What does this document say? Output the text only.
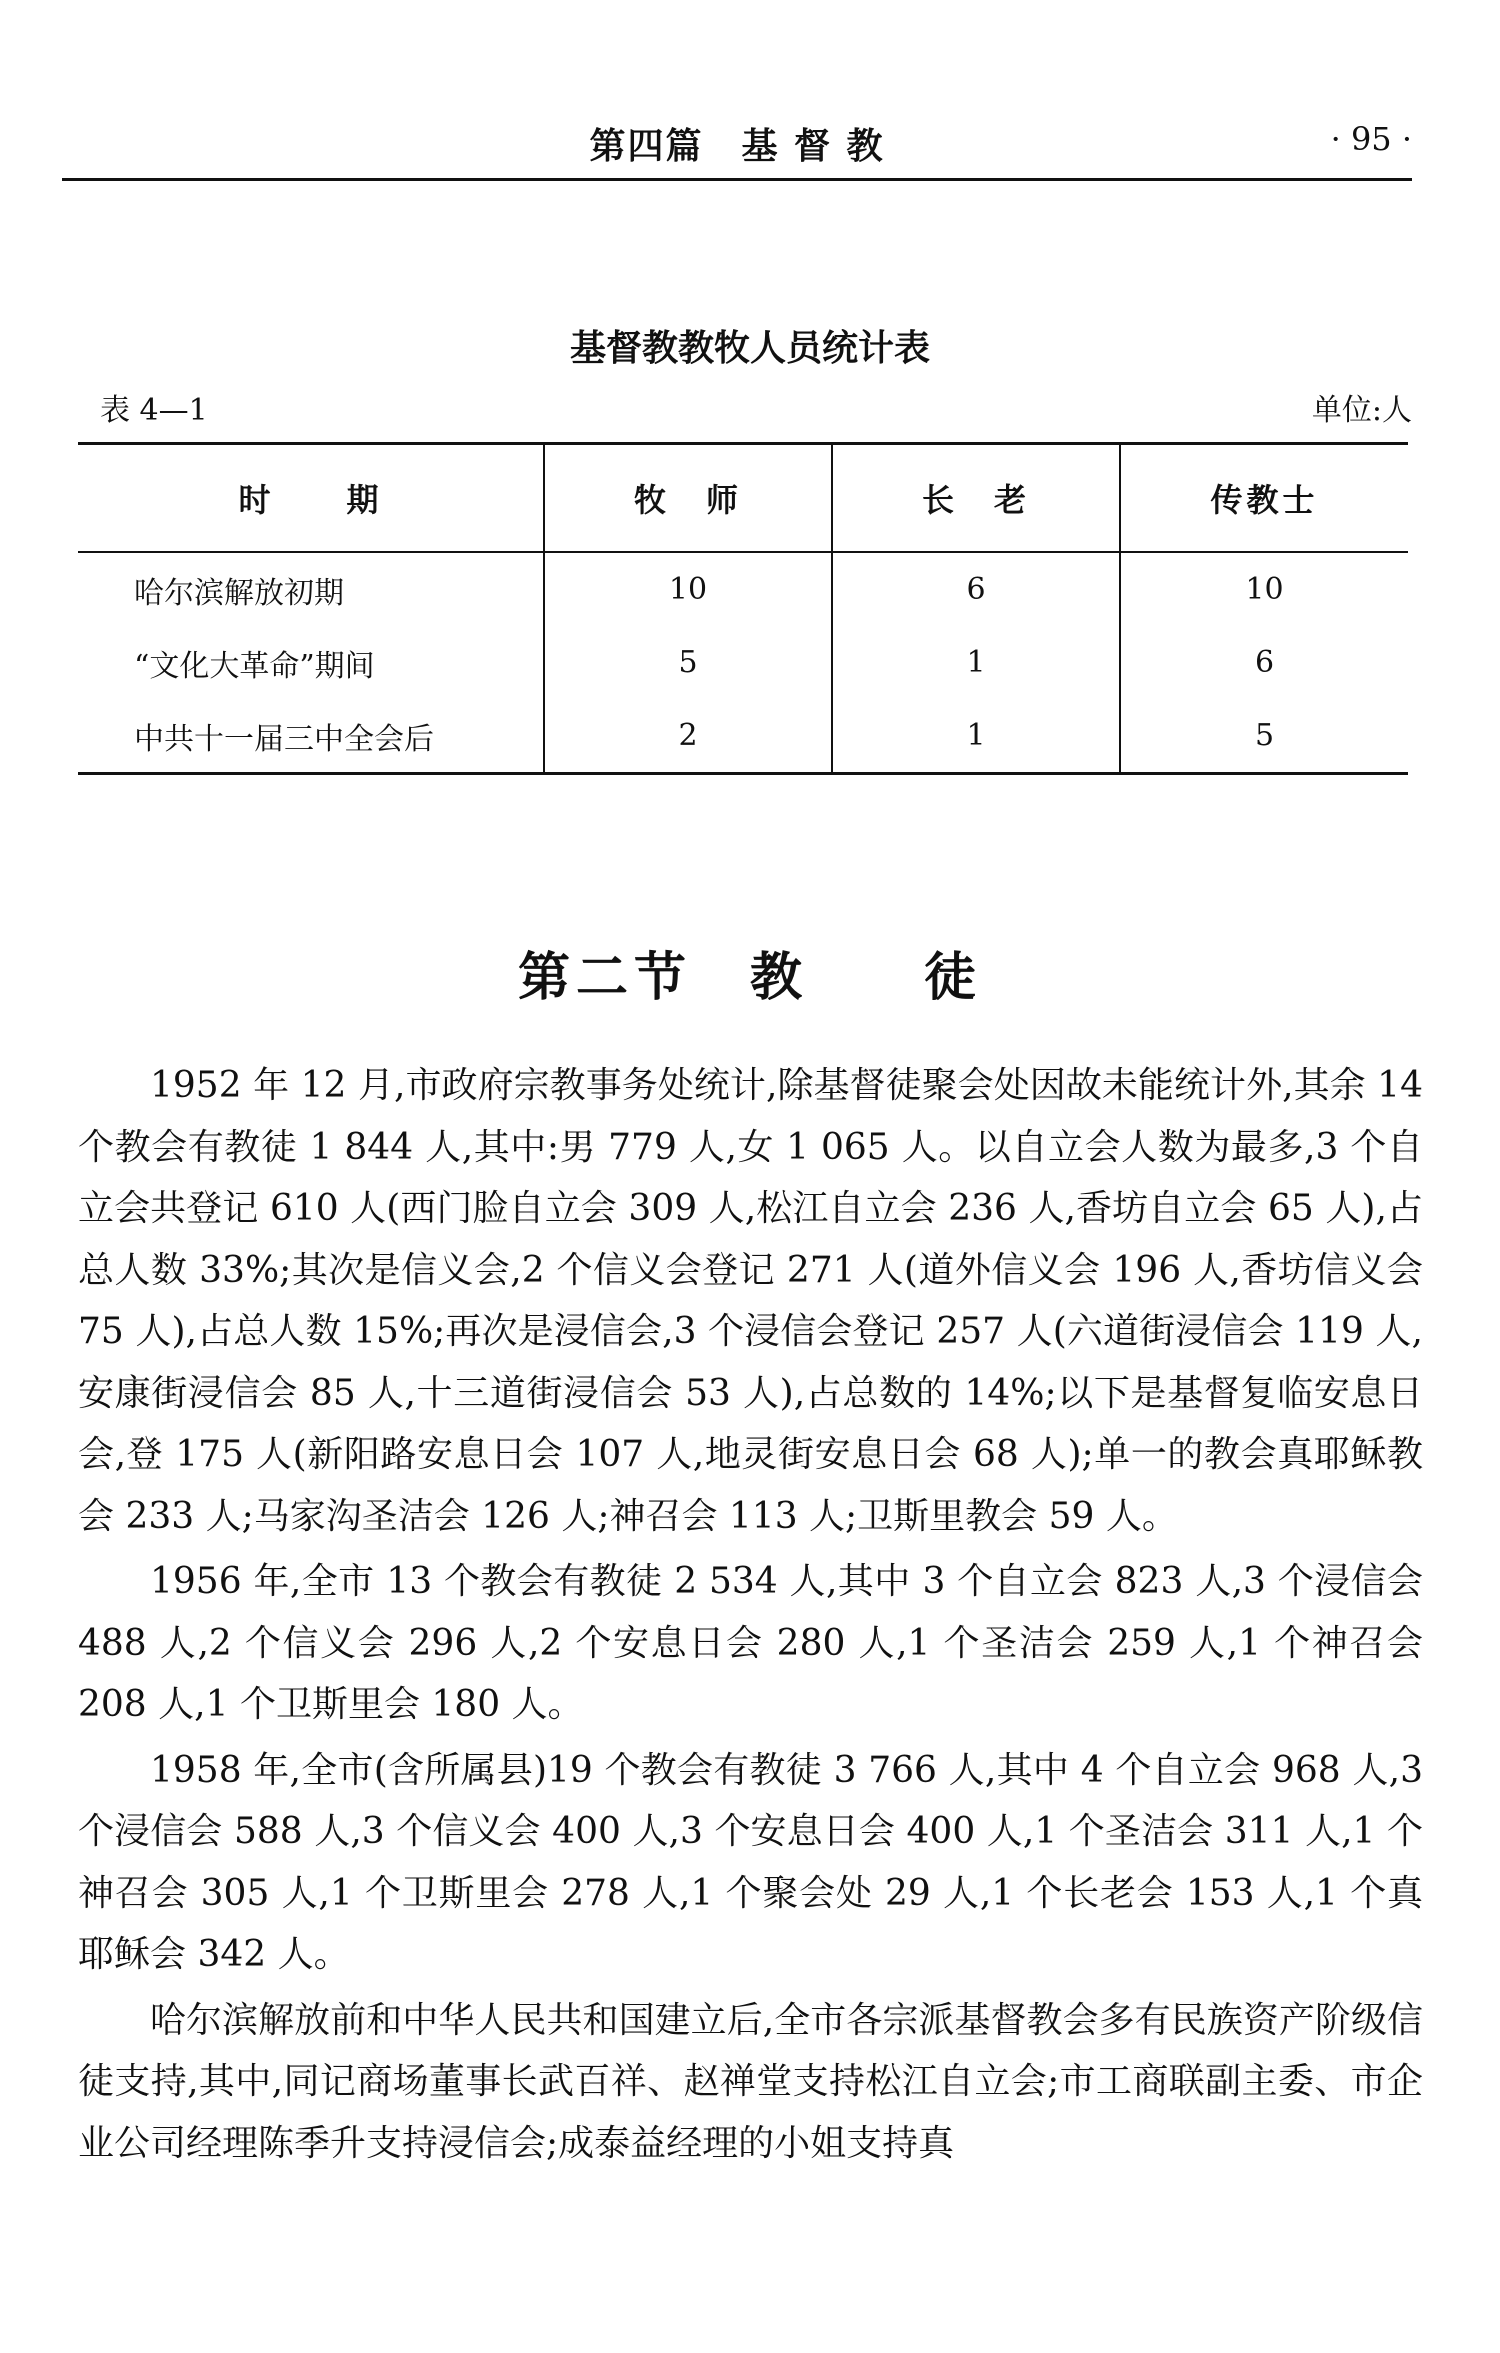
第四篇　基 督 教	· 95 ·
基督教教牧人员统计表
表 4—1	单位:人
时　　期	牧　师	长　老	传教士
哈尔滨解放初期	10	6	10
“文化大革命”期间	5	1	6
中共十一届三中全会后	2	1	5
第二节　教　　徒

1952 年 12 月,市政府宗教事务处统计,除基督徒聚会处因故未能统计外,其余 14 个教会有教徒 1 844 人,其中:男 779 人,女 1 065 人。以自立会人数为最多,3 个自立会共登记 610 人(西门脸自立会 309 人,松江自立会 236 人,香坊自立会 65 人),占总人数 33%;其次是信义会,2 个信义会登记 271 人(道外信义会 196 人,香坊信义会 75 人),占总人数 15%;再次是浸信会,3 个浸信会登记 257 人(六道街浸信会 119 人,安康街浸信会 85 人,十三道街浸信会 53 人),占总数的 14%;以下是基督复临安息日会,登 175 人(新阳路安息日会 107 人,地灵街安息日会 68 人);单一的教会真耶稣教会 233 人;马家沟圣洁会 126 人;神召会 113 人;卫斯里教会 59 人。

1956 年,全市 13 个教会有教徒 2 534 人,其中 3 个自立会 823 人,3 个浸信会 488 人,2 个信义会 296 人,2 个安息日会 280 人,1 个圣洁会 259 人,1 个神召会 208 人,1 个卫斯里会 180 人。

1958 年,全市(含所属县)19 个教会有教徒 3 766 人,其中 4 个自立会 968 人,3 个浸信会 588 人,3 个信义会 400 人,3 个安息日会 400 人,1 个圣洁会 311 人,1 个神召会 305 人,1 个卫斯里会 278 人,1 个聚会处 29 人,1 个长老会 153 人,1 个真耶稣会 342 人。

哈尔滨解放前和中华人民共和国建立后,全市各宗派基督教会多有民族资产阶级信徒支持,其中,同记商场董事长武百祥、赵禅堂支持松江自立会;市工商联副主委、市企业公司经理陈季升支持浸信会;成泰益经理的小姐支持真
